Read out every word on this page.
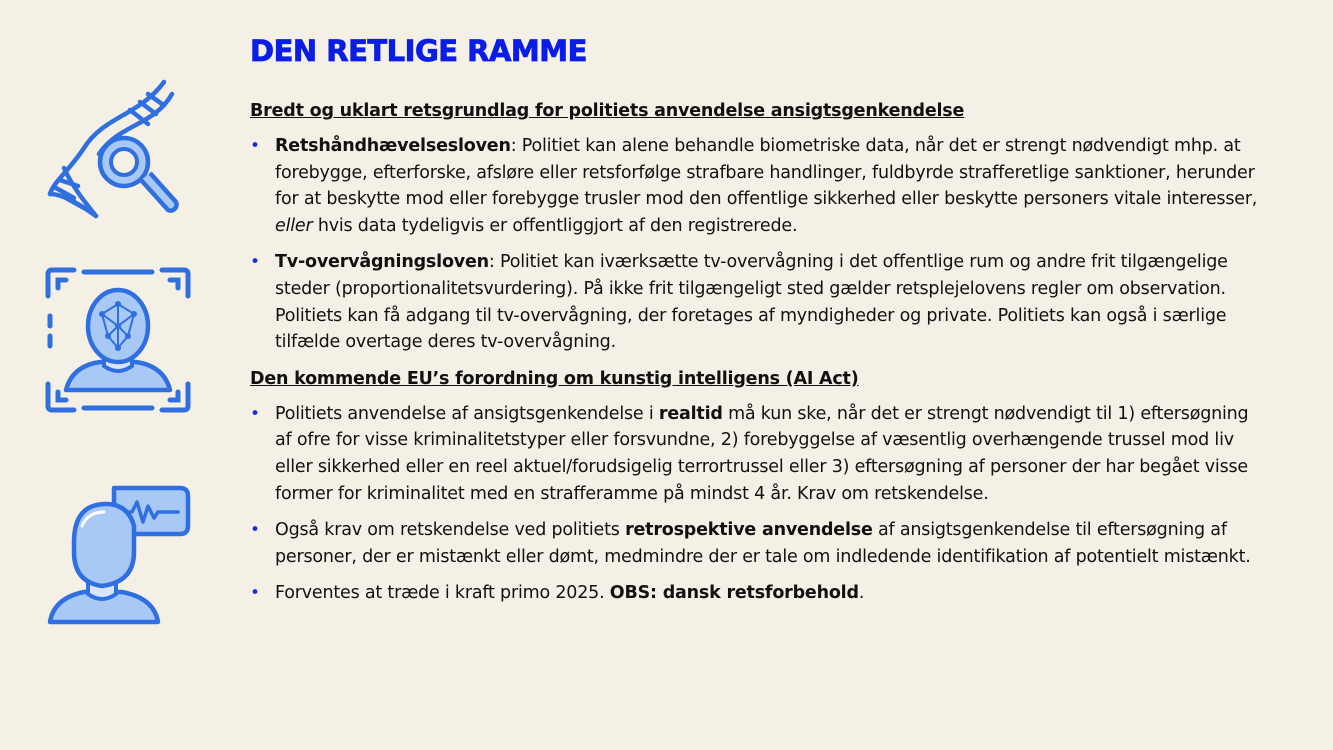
DEN RETLIGE RAMME

Bredt og uklart retsgrundlag for politiets anvendelse ansigtsgenkendelse

• Retshåndhævelsesloven: Politiet kan alene behandle biometriske data, når det er strengt nødvendigt mhp. at forebygge, efterforske, afsløre eller retsforfølge strafbare handlinger, fuldbyrde strafferetlige sanktioner, herunder for at beskytte mod eller forebygge trusler mod den offentlige sikkerhed eller beskytte personers vitale interesser, eller hvis data tydeligvis er offentliggjort af den registrerede.
• Tv-overvågningsloven: Politiet kan iværksætte tv-overvågning i det offentlige rum og andre frit tilgængelige steder (proportionalitetsvurdering). På ikke frit tilgængeligt sted gælder retsplejelovens regler om observation. Politiets kan få adgang til tv-overvågning, der foretages af myndigheder og private. Politiets kan også i særlige tilfælde overtage deres tv-overvågning.

Den kommende EU’s forordning om kunstig intelligens (AI Act)

• Politiets anvendelse af ansigtsgenkendelse i realtid må kun ske, når det er strengt nødvendigt til 1) eftersøgning af ofre for visse kriminalitetstyper eller forsvundne, 2) forebyggelse af væsentlig overhængende trussel mod liv eller sikkerhed eller en reel aktuel/forudsigelig terrortrussel eller 3) eftersøgning af personer der har begået visse former for kriminalitet med en strafferamme på mindst 4 år. Krav om retskendelse.
• Også krav om retskendelse ved politiets retrospektive anvendelse af ansigtsgenkendelse til eftersøgning af personer, der er mistænkt eller dømt, medmindre der er tale om indledende identifikation af potentielt mistænkt.
• Forventes at træde i kraft primo 2025. OBS: dansk retsforbehold.
